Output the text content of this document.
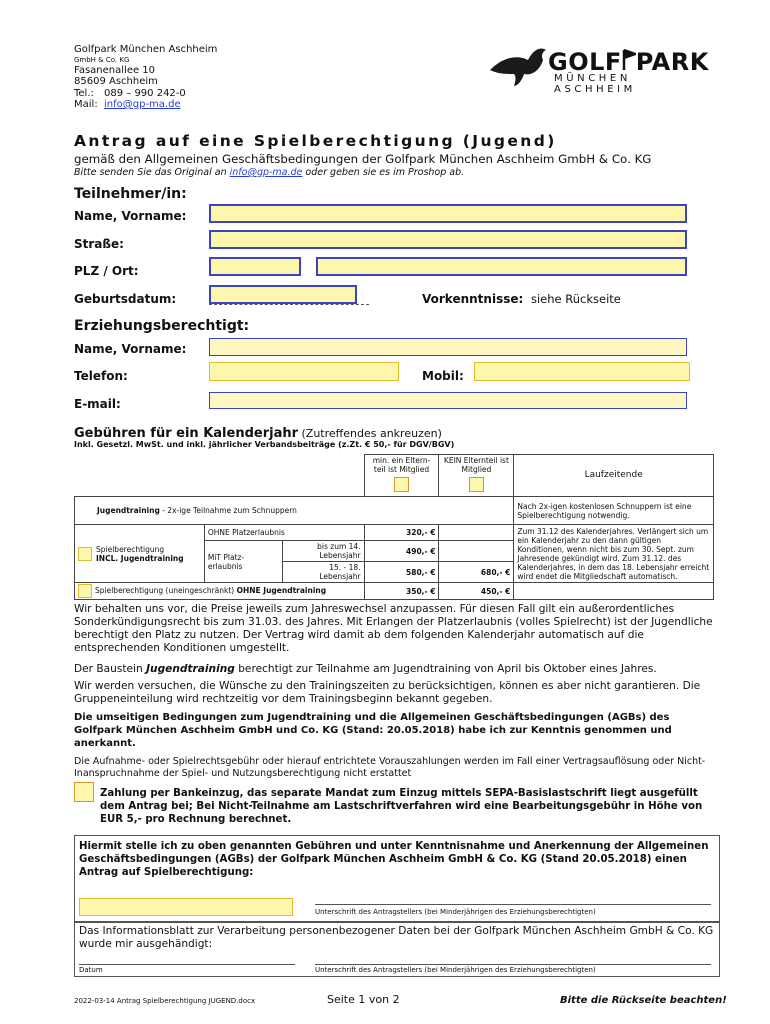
Golfpark München Aschheim
GmbH & Co. KG
Fasanenallee 10
85609 Aschheim
Tel.: 089 – 990 242-0
Mail: info@gp-ma.de
GOLF PARK
MÜNCHEN ASCHHEIM
Antrag auf eine Spielberechtigung (Jugend)
gemäß den Allgemeinen Geschäftsbedingungen der Golfpark München Aschheim GmbH & Co. KG
Bitte senden Sie das Original an info@gp-ma.de oder geben sie es im Proshop ab.
Teilnehmer/in:
Name, Vorname:
Straße:
PLZ / Ort:
Geburtsdatum:	Vorkenntnisse: siehe Rückseite
Erziehungsberechtigt:
Name, Vorname:
Telefon:	Mobil:
E-mail:
Gebühren für ein Kalenderjahr (Zutreffendes ankreuzen)
Inkl. Gesetzl. MwSt. und inkl. jährlicher Verbandsbeiträge (z.Zt. € 50,- für DGV/BGV)

			min. ein Eltern-teil ist Mitglied	KEIN Elternteil ist Mitglied	Laufzeitende
Jugendtraining - 2x-ige Teilnahme zum Schnuppern					Nach 2x-igen kostenlosen Schnuppern ist eine Spielberechtigung notwendig.

Spielberechtigung
INCL. Jugendtraining	OHNE Platzerlaubnis		320,- €		Zum 31.12 des Kalenderjahres. Verlängert sich um ein Kalenderjahr zu den dann gültigen Konditionen, wenn nicht bis zum 30. Sept. zum Jahresende gekündigt wird. Zum 31.12. des Kalenderjahres, in dem das 18. Lebensjahr erreicht wird endet die Mitgliedschaft automatisch.
	MiT Platz-erlaubnis	bis zum 14. Lebensjahr	490,- €		
		15. - 18. Lebensjahr	580,- €	680,- €	
Spielberechtigung (uneingeschränkt) OHNE Jugendtraining			350,- €	450,- €	
Wir behalten uns vor, die Preise jeweils zum Jahreswechsel anzupassen. Für diesen Fall gilt ein außerordentliches Sonderkündigungsrecht bis zum 31.03. des Jahres. Mit Erlangen der Platzerlaubnis (volles Spielrecht) ist der Jugendliche berechtigt den Platz zu nutzen. Der Vertrag wird damit ab dem folgenden Kalenderjahr automatisch auf die entsprechenden Konditionen umgestellt.
Der Baustein Jugendtraining berechtigt zur Teilnahme am Jugendtraining von April bis Oktober eines Jahres.
Wir werden versuchen, die Wünsche zu den Trainingszeiten zu berücksichtigen, können es aber nicht garantieren. Die Gruppeneinteilung wird rechtzeitig vor dem Trainingsbeginn bekannt gegeben.
Die umseitigen Bedingungen zum Jugendtraining und die Allgemeinen Geschäftsbedingungen (AGBs) des Golfpark München Aschheim GmbH und Co. KG (Stand: 20.05.2018) habe ich zur Kenntnis genommen und anerkannt.
Die Aufnahme- oder Spielrechtsgebühr oder hierauf entrichtete Vorauszahlungen werden im Fall einer Vertragsauflösung oder Nicht-Inanspruchnahme der Spiel- und Nutzungsberechtigung nicht erstattet
Zahlung per Bankeinzug, das separate Mandat zum Einzug mittels SEPA-Basislastschrift liegt ausgefüllt dem Antrag bei; Bei Nicht-Teilnahme am Lastschriftverfahren wird eine Bearbeitungsgebühr in Höhe von EUR 5,- pro Rechnung berechnet.
Hiermit stelle ich zu oben genannten Gebühren und unter Kenntnisnahme und Anerkennung der Allgemeinen Geschäftsbedingungen (AGBs) der Golfpark München Aschheim GmbH & Co. KG (Stand 20.05.2018) einen Antrag auf Spielberechtigung:
Unterschrift des Antragstellers (bei Minderjährigen des Erziehungsberechtigten)
Das Informationsblatt zur Verarbeitung personenbezogener Daten bei der Golfpark München Aschheim GmbH & Co. KG wurde mir ausgehändigt:
Datum	Unterschrift des Antragstellers (bei Minderjährigen des Erziehungsberechtigten)
2022-03-14 Antrag Spielberechtigung JUGEND.docx	Seite 1 von 2	Bitte die Rückseite beachten!
